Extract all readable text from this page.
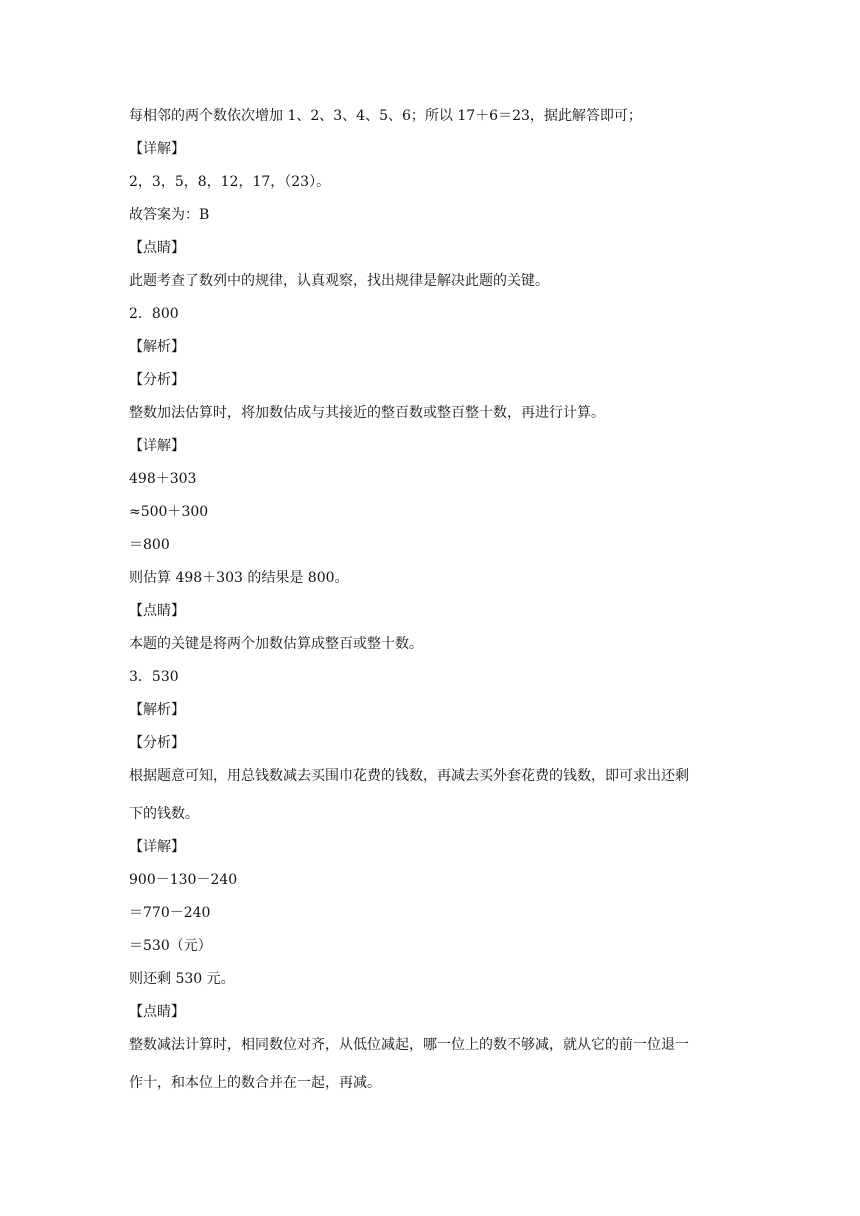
每相邻的两个数依次增加 1、2、3、4、5、6；所以 17＋6＝23，据此解答即可；

【详解】

2，3，5，8，12，17，（23）。

故答案为：B

【点睛】

此题考查了数列中的规律，认真观察，找出规律是解决此题的关键。

2．800

【解析】

【分析】

整数加法估算时，将加数估成与其接近的整百数或整百整十数，再进行计算。

【详解】

498＋303

≈500＋300

＝800

则估算 498＋303 的结果是 800。

【点睛】

本题的关键是将两个加数估算成整百或整十数。

3．530

【解析】

【分析】

根据题意可知，用总钱数减去买围巾花费的钱数，再减去买外套花费的钱数，即可求出还剩

下的钱数。

【详解】

900－130－240

＝770－240

＝530（元）

则还剩 530 元。

【点睛】

整数减法计算时，相同数位对齐，从低位减起，哪一位上的数不够减，就从它的前一位退一

作十，和本位上的数合并在一起，再减。
